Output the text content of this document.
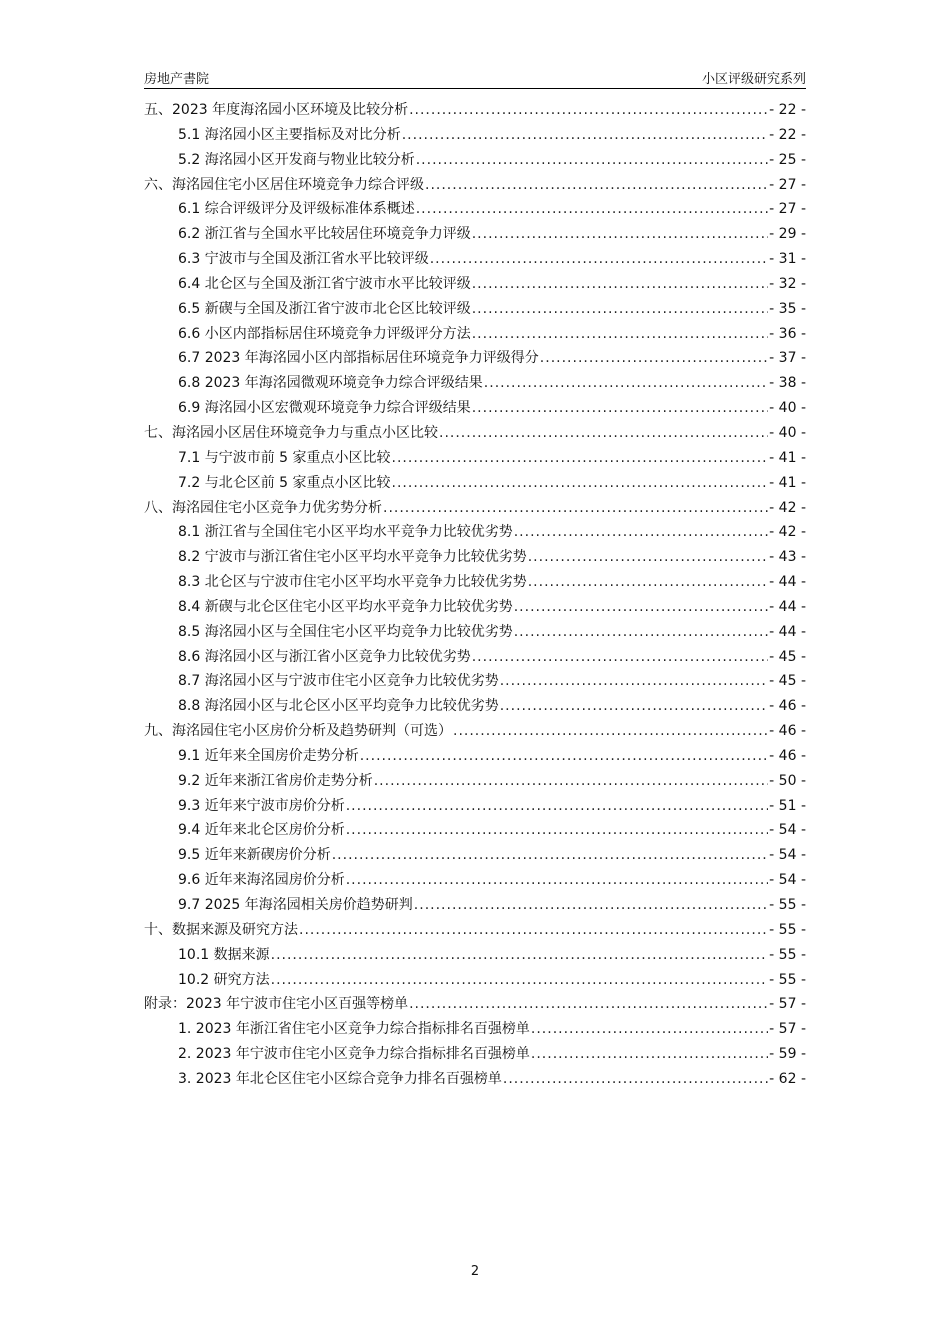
房地产書院	小区评级研究系列
五、2023 年度海洺园小区环境及比较分析 .....	- 22 -
5.1 海洺园小区主要指标及对比分析 .....	- 22 -
5.2 海洺园小区开发商与物业比较分析 .....	- 25 -
六、海洺园住宅小区居住环境竞争力综合评级 .....	- 27 -
6.1 综合评级评分及评级标准体系概述 .....	- 27 -
6.2 浙江省与全国水平比较居住环境竞争力评级 .....	- 29 -
6.3 宁波市与全国及浙江省水平比较评级 .....	- 31 -
6.4 北仑区与全国及浙江省宁波市水平比较评级 .....	- 32 -
6.5 新碶与全国及浙江省宁波市北仑区比较评级 .....	- 35 -
6.6 小区内部指标居住环境竞争力评级评分方法 .....	- 36 -
6.7 2023 年海洺园小区内部指标居住环境竞争力评级得分 .....	- 37 -
6.8 2023 年海洺园微观环境竞争力综合评级结果 .....	- 38 -
6.9 海洺园小区宏微观环境竞争力综合评级结果 .....	- 40 -
七、海洺园小区居住环境竞争力与重点小区比较 .....	- 40 -
7.1 与宁波市前 5 家重点小区比较 .....	- 41 -
7.2 与北仑区前 5 家重点小区比较 .....	- 41 -
八、海洺园住宅小区竞争力优劣势分析 .....	- 42 -
8.1 浙江省与全国住宅小区平均水平竞争力比较优劣势 .....	- 42 -
8.2 宁波市与浙江省住宅小区平均水平竞争力比较优劣势 .....	- 43 -
8.3 北仑区与宁波市住宅小区平均水平竞争力比较优劣势 .....	- 44 -
8.4 新碶与北仑区住宅小区平均水平竞争力比较优劣势 .....	- 44 -
8.5 海洺园小区与全国住宅小区平均竞争力比较优劣势 .....	- 44 -
8.6 海洺园小区与浙江省小区竞争力比较优劣势 .....	- 45 -
8.7 海洺园小区与宁波市住宅小区竞争力比较优劣势 .....	- 45 -
8.8 海洺园小区与北仑区小区平均竞争力比较优劣势 .....	- 46 -
九、海洺园住宅小区房价分析及趋势研判（可选） .....	- 46 -
9.1 近年来全国房价走势分析 .....	- 46 -
9.2 近年来浙江省房价走势分析 .....	- 50 -
9.3 近年来宁波市房价分析 .....	- 51 -
9.4 近年来北仑区房价分析 .....	- 54 -
9.5 近年来新碶房价分析 .....	- 54 -
9.6 近年来海洺园房价分析 .....	- 54 -
9.7 2025 年海洺园相关房价趋势研判 .....	- 55 -
十、数据来源及研究方法 .....	- 55 -
10.1 数据来源 .....	- 55 -
10.2 研究方法 .....	- 55 -
附录：2023 年宁波市住宅小区百强等榜单 .....	- 57 -
1. 2023 年浙江省住宅小区竞争力综合指标排名百强榜单 .....	- 57 -
2. 2023 年宁波市住宅小区竞争力综合指标排名百强榜单 .....	- 59 -
3. 2023 年北仑区住宅小区综合竞争力排名百强榜单 .....	- 62 -
2
